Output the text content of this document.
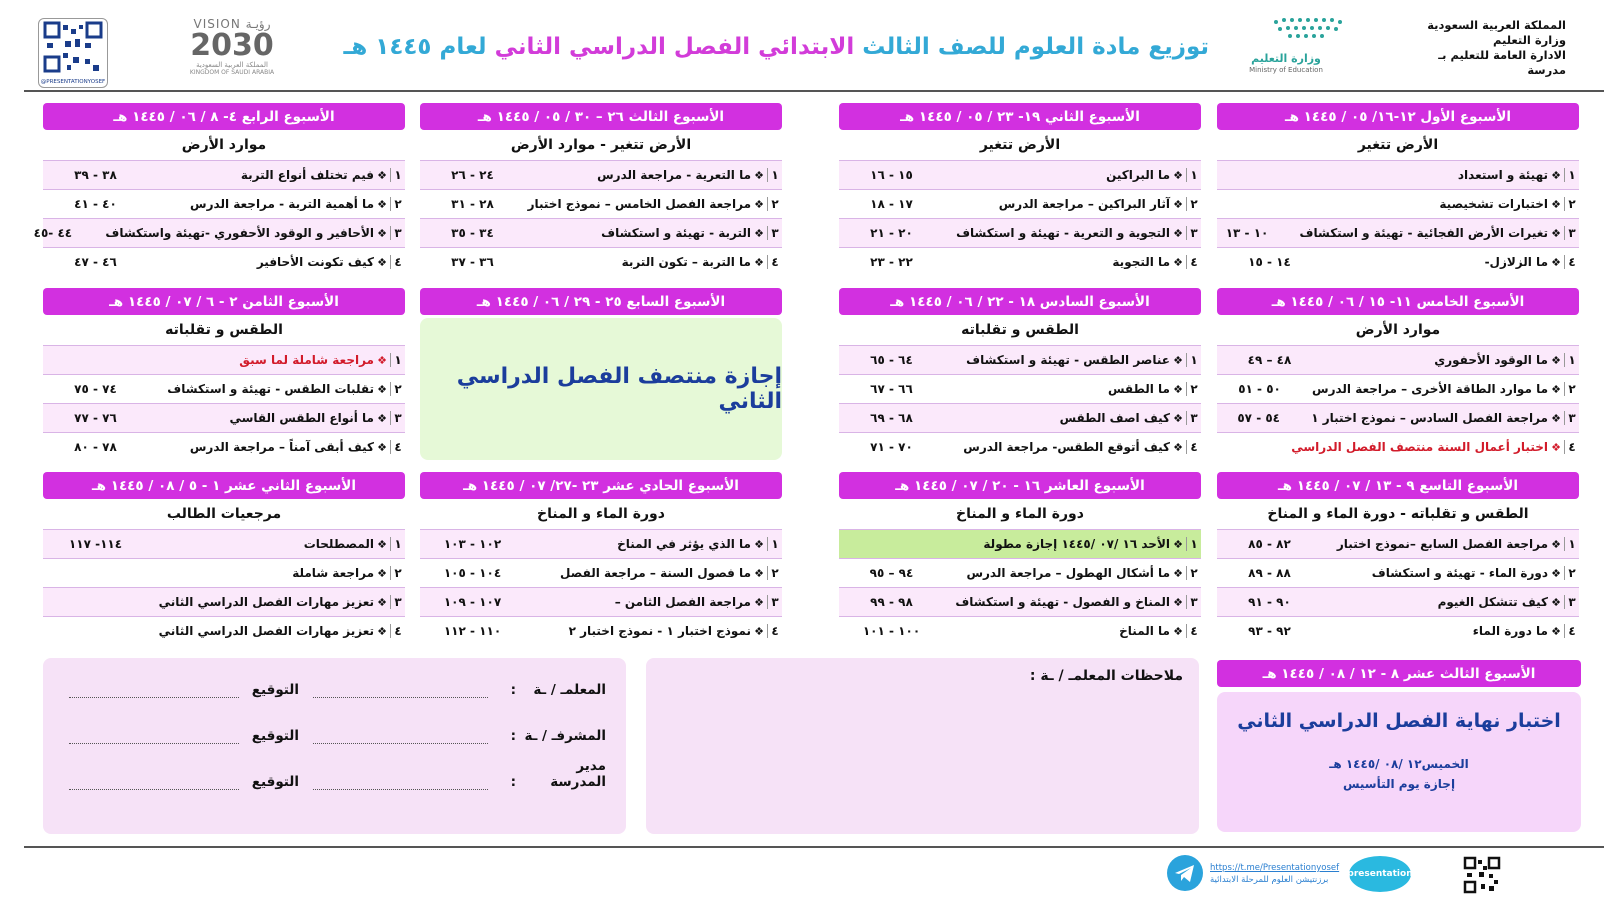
المملكة العربية السعودية
وزارة التعليم
الادارة العامة للتعليم بـ
مدرسة
وزارة التعليم
Ministry of Education
توزيع مادة العلوم للصف الثالث الابتدائي الفصل الدراسي الثاني لعام ١٤٤٥ هـ
VISION رؤيـة
2030
المملكة العربية السعودية
KINGDOM OF SAUDI ARABIA
@PRESENTATIONYOSEF
الأسبوع الأول ١٢-١٦/ ٠٥ / ١٤٤٥ هـ
الأرض تتغير
١
❖
تهيئة و استعداد
٢
❖
اختبارات تشخيصية
٣
❖
تغيرات الأرض الفجائية - تهيئة و استكشاف
١٠ - ١٣
٤
❖
ما الزلازل-
١٤ - ١٥
الأسبوع الثاني ١٩- ٢٣ / ٠٥ / ١٤٤٥ هـ
الأرض تتغير
١
❖
ما البراكين
١٥ - ١٦
٢
❖
آثار البراكين – مراجعة الدرس
١٧ - ١٨
٣
❖
التجوية و التعرية - تهيئة و استكشاف
٢٠ - ٢١
٤
❖
ما التجوية
٢٢ - ٢٣
الأسبوع الثالث ٢٦ – ٣٠ / ٠٥ / ١٤٤٥ هـ
الأرض تتغير - موارد الأرض
١
❖
ما التعرية - مراجعة الدرس
٢٤ - ٢٦
٢
❖
مراجعة الفصل الخامس – نموذج اختبار
٢٨ - ٣١
٣
❖
التربة - تهيئة و استكشاف
٣٤ - ٣٥
٤
❖
ما التربة – تكون التربة
٣٦ - ٣٧
الأسبوع الرابع ٤- ٨ / ٠٦ / ١٤٤٥ هـ
موارد الأرض
١
❖
فيم تختلف أنواع التربة
٣٨ - ٣٩
٢
❖
ما أهمية التربة - مراجعة الدرس
٤٠ - ٤١
٣
❖
الأحافير و الوقود الأحفوري -تهيئة واستكشاف
٤٤ -٤٥
٤
❖
كيف تكونت الأحافير
٤٦ - ٤٧
الأسبوع الخامس ١١- ١٥ / ٠٦ / ١٤٤٥ هـ
موارد الأرض
١
❖
ما الوقود الأحفوري
٤٨ – ٤٩
٢
❖
ما موارد الطاقة الأخرى – مراجعة الدرس
٥٠ - ٥١
٣
❖
مراجعة الفصل السادس – نموذج اختبار ١
٥٤ - ٥٧
٤
❖
اختبار أعمال السنة منتصف الفصل الدراسي
الأسبوع السادس ١٨ - ٢٢ / ٠٦ / ١٤٤٥ هـ
الطقس و تقلباته
١
❖
عناصر الطقس - تهيئة و استكشاف
٦٤ - ٦٥
٢
❖
ما الطقس
٦٦ - ٦٧
٣
❖
كيف اصف الطقس
٦٨ - ٦٩
٤
❖
كيف أتوقع الطقس- مراجعة الدرس
٧٠ - ٧١
الأسبوع السابع ٢٥ - ٢٩ / ٠٦ / ١٤٤٥ هـ
الأسبوع الثامن ٢ - ٦ / ٠٧ / ١٤٤٥ هـ
الطقس و تقلباته
١
❖
مراجعة شاملة لما سبق
٢
❖
تقلبات الطقس - تهيئة و استكشاف
٧٤ - ٧٥
٣
❖
ما أنواع الطقس القاسي
٧٦ - ٧٧
٤
❖
كيف أبقى آمناً – مراجعة الدرس
٧٨ - ٨٠
الأسبوع التاسع ٩ - ١٣ / ٠٧ / ١٤٤٥ هـ
الطقس و تقلباته - دورة الماء و المناخ
١
❖
مراجعة الفصل السابع –نموذج اختبار
٨٢ - ٨٥
٢
❖
دورة الماء - تهيئة و استكشاف
٨٨ - ٨٩
٣
❖
كيف تتشكل الغيوم
٩٠ - ٩١
٤
❖
ما دورة الماء
٩٢ - ٩٣
الأسبوع العاشر ١٦ - ٢٠ / ٠٧ / ١٤٤٥ هـ
دورة الماء و المناخ
١
❖
الأحد ١٦ /٠٧ /١٤٤٥ إجازة مطولة
٢
❖
ما أشكال الهطول – مراجعة الدرس
٩٤ – ٩٥
٣
❖
المناخ و الفصول - تهيئة و استكشاف
٩٨ - ٩٩
٤
❖
ما المناخ
١٠٠ - ١٠١
الأسبوع الحادي عشر ٢٣ -٢٧/ ٠٧ / ١٤٤٥ هـ
دورة الماء و المناخ
١
❖
ما الذي يؤثر في المناخ
١٠٢ - ١٠٣
٢
❖
ما فصول السنة – مراجعة الفصل
١٠٤ - ١٠٥
٣
❖
مراجعة الفصل الثامن –
١٠٧ - ١٠٩
٤
❖
نموذج اختبار ١ - نموذج اختبار ٢
١١٠ - ١١٢
الأسبوع الثاني عشر ١ - ٥ / ٠٨ / ١٤٤٥ هـ
مرجعيات الطالب
١
❖
المصطلحات
١١٤- ١١٧
٢
❖
مراجعة شاملة
٣
❖
تعزيز مهارات الفصل الدراسي الثاني
٤
❖
تعزيز مهارات الفصل الدراسي الثاني
إجازة منتصف الفصل الدراسي الثاني
الأسبوع الثالث عشر ٨ - ١٢ / ٠٨ / ١٤٤٥ هـ
اختبار نهاية الفصل الدراسي الثاني
الخميس١٢ /٠٨ /١٤٤٥ هـ
إجازة يوم التأسيس
ملاحظات المعلمـ / ـة :
المعلمـ / ـة
:
التوقيع
المشرفـ / ـة
:
التوقيع
مدير المدرسة
:
التوقيع
https://t.me/Presentationyosef
برزنتيشن العلوم للمرحلة الابتدائية
presentation
